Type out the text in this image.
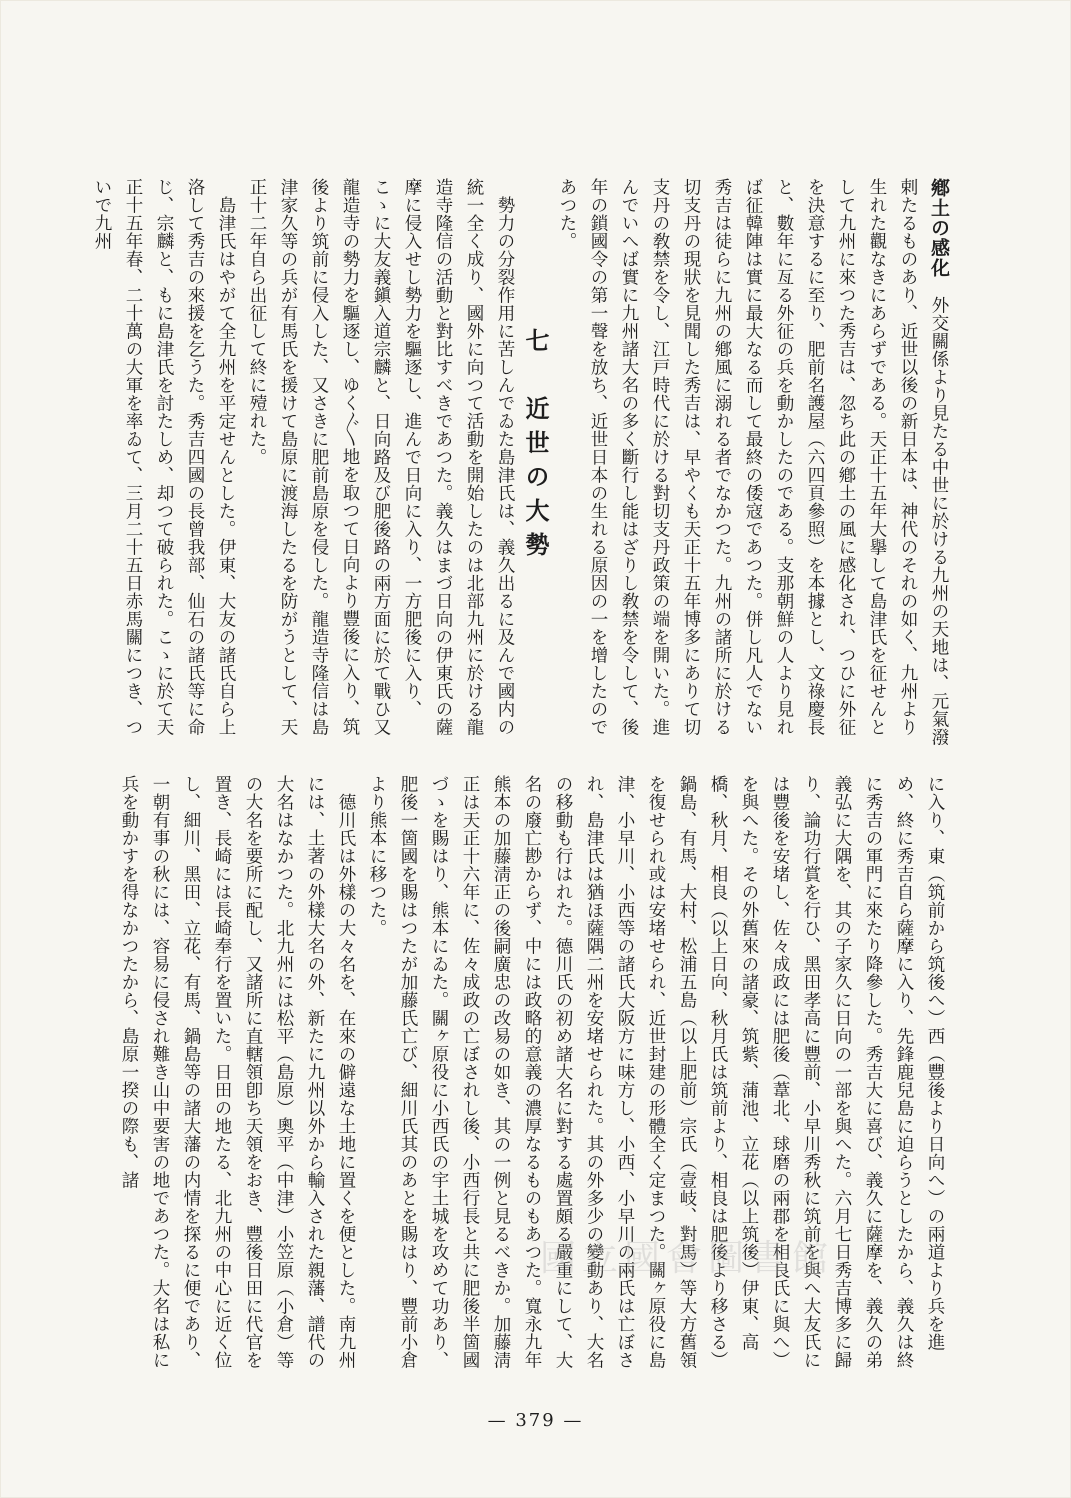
鄕土の感化　外交關係より見たる中世に於ける九州の天地は、元氣潑剌たるものあり、近世以後の新日本は、神代のそれの如く、九州より生れた觀なきにあらずである。天正十五年大擧して島津氏を征せんとして九州に來つた秀吉は、忽ち此の鄕土の風に感化され、つひに外征を決意するに至り、肥前名護屋（六四頁參照）を本據とし、文祿慶長と、數年に亙る外征の兵を動かしたのである。支那朝鮮の人より見れば征韓陣は實に最大なる而して最終の倭寇であつた。併し凡人でない秀吉は徒らに九州の鄕風に溺れる者でなかつた。九州の諸所に於ける切支丹の現狀を見聞した秀吉は、早やくも天正十五年博多にありて切支丹の敎禁を令し、江戸時代に於ける對切支丹政策の端を開いた。進んでいへば實に九州諸大名の多く斷行し能はざりし敎禁を令して、後年の鎖國令の第一聲を放ち、近世日本の生れる原因の一を增したのであつた。

七　近世の大勢

　勢力の分裂作用に苦しんでゐた島津氏は、義久出るに及んで國内の統一全く成り、國外に向つて活動を開始したのは北部九州に於ける龍造寺隆信の活動と對比すべきであつた。義久はまづ日向の伊東氏の薩摩に侵入せし勢力を驅逐し、進んで日向に入り、一方肥後に入り、こゝに大友義鎭入道宗麟と、日向路及び肥後路の兩方面に於て戰ひ又龍造寺の勢力を驅逐し、ゆく〲地を取つて日向より豐後に入り、筑後より筑前に侵入した、又さきに肥前島原を侵した。龍造寺隆信は島津家久等の兵が有馬氏を援けて島原に渡海したるを防がうとして、天正十二年自ら出征して終に殪れた。

　島津氏はやがて全九州を平定せんとした。伊東、大友の諸氏自ら上洛して秀吉の來援を乞うた。秀吉四國の長曾我部、仙石の諸氏等に命じ、宗麟と、もに島津氏を討たしめ、却つて破られた。こゝに於て天正十五年春、二十萬の大軍を率ゐて、三月二十五日赤馬關につき、ついで九州

に入り、東（筑前から筑後へ）西（豐後より日向へ）の兩道より兵を進め、終に秀吉自ら薩摩に入り、先鋒鹿兒島に迫らうとしたから、義久は終に秀吉の軍門に來たり降參した。秀吉大に喜び、義久に薩摩を、義久の弟義弘に大隅を、其の子家久に日向の一部を與へた。六月七日秀吉博多に歸り、論功行賞を行ひ、黑田孝高に豐前、小早川秀秋に筑前を與へ大友氏には豐後を安堵し、佐々成政には肥後（葦北、球磨の兩郡を相良氏に與へ）を與へた。その外舊來の諸豪、筑紫、蒲池、立花（以上筑後）伊東、高橋、秋月、相良（以上日向、秋月氏は筑前より、相良は肥後より移さる）鍋島、有馬、大村、松浦五島（以上肥前）宗氏（壹岐、對馬）等大方舊領を復せられ或は安堵せられ、近世封建の形體全く定まつた。關ヶ原役に島津、小早川、小西等の諸氏大阪方に味方し、小西、小早川の兩氏は亡ぼされ、島津氏は猶ほ薩隅二州を安堵せられた。其の外多少の變動あり、大名の移動も行はれた。德川氏の初め諸大名に對する處置頗る嚴重にして、大名の廢亡尠からず、中には政略的意義の濃厚なるものもあつた。寬永九年熊本の加藤淸正の後嗣廣忠の改易の如き、其の一例と見るべきか。加藤淸正は天正十六年に、佐々成政の亡ぼされし後、小西行長と共に肥後半箇國づゝを賜はり、熊本にゐた。關ヶ原役に小西氏の宇土城を攻めて功あり、肥後一箇國を賜はつたが加藤氏亡び、細川氏其のあとを賜はり、豐前小倉より熊本に移つた。

　德川氏は外樣の大々名を、在來の僻遠な土地に置くを便とした。南九州には、土著の外樣大名の外、新たに九州以外から輸入された親藩、譜代の大名はなかつた。北九州には松平（島原）奧平（中津）小笠原（小倉）等の大名を要所に配し、又諸所に直轄領卽ち天領をおき、豐後日田に代官を置き、長崎には長崎奉行を置いた。日田の地たる、北九州の中心に近く位し、細川、黑田、立花、有馬、鍋島等の諸大藩の内情を探るに便であり、一朝有事の秋には、容易に侵され難き山中要害の地であつた。大名は私に兵を動かすを得なかつたから、島原一揆の際も、諸

國立國會圖書館
— 379 —
